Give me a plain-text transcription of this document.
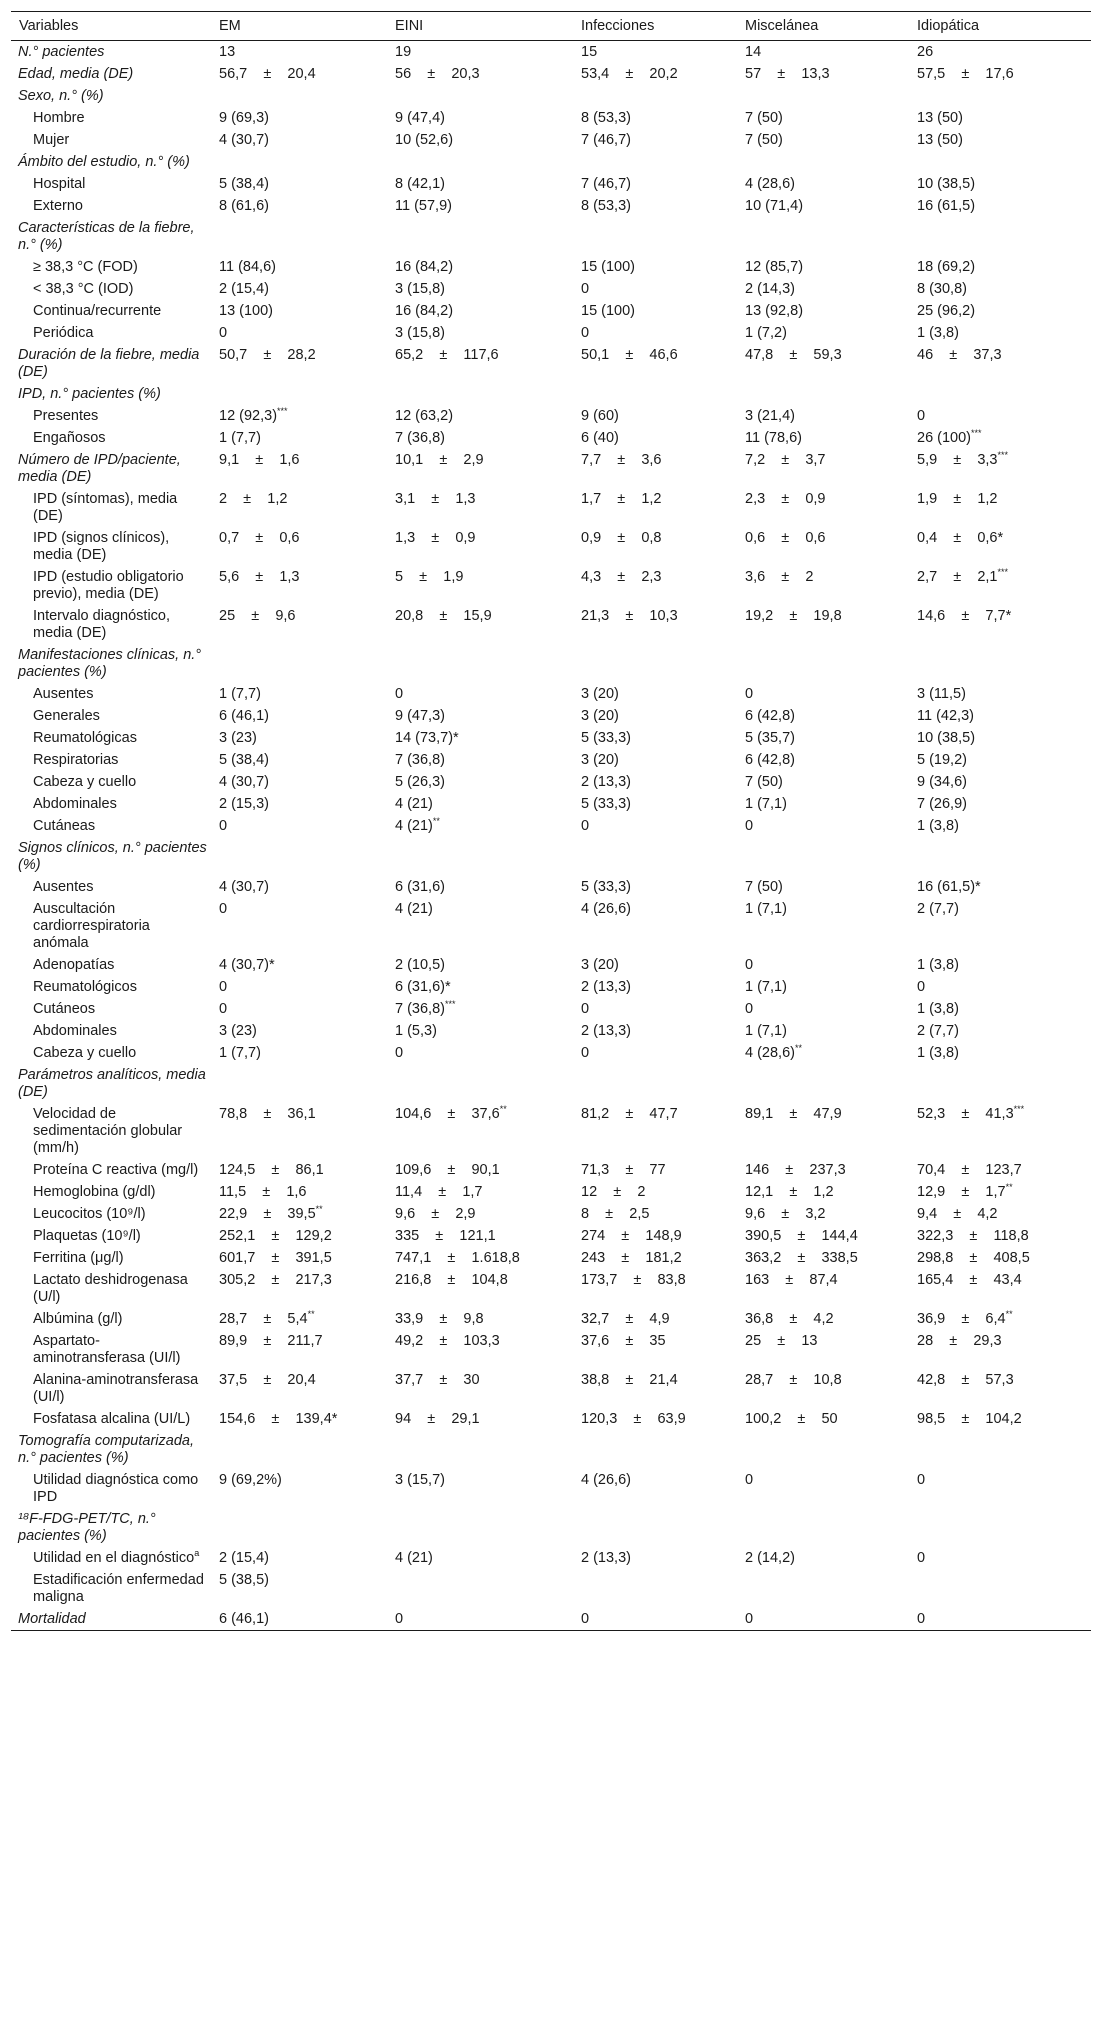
Variables	EM	EINI	Infecciones	Miscelánea	Idiopática
N.° pacientes	13	19	15	14	26
Edad, media (DE)	56,7    ±    20,4	56    ±    20,3	53,4    ±    20,2	57    ±    13,3	57,5    ±    17,6
Sexo, n.° (%)					
Hombre	9 (69,3)	9 (47,4)	8 (53,3)	7 (50)	13 (50)
Mujer	4 (30,7)	10 (52,6)	7 (46,7)	7 (50)	13 (50)
Ámbito del estudio, n.° (%)					
Hospital	5 (38,4)	8 (42,1)	7 (46,7)	4 (28,6)	10 (38,5)
Externo	8 (61,6)	11 (57,9)	8 (53,3)	10 (71,4)	16 (61,5)
Características de la fiebre, n.° (%)					
≥ 38,3 °C (FOD)	11 (84,6)	16 (84,2)	15 (100)	12 (85,7)	18 (69,2)
< 38,3 °C (IOD)	2 (15,4)	3 (15,8)	0	2 (14,3)	8 (30,8)
Continua/recurrente	13 (100)	16 (84,2)	15 (100)	13 (92,8)	25 (96,2)
Periódica	0	3 (15,8)	0	1 (7,2)	1 (3,8)
Duración de la fiebre, media (DE)	50,7    ±    28,2	65,2    ±    117,6	50,1    ±    46,6	47,8    ±    59,3	46    ±    37,3
IPD, n.° pacientes (%)					
Presentes	12 (92,3)***	12 (63,2)	9 (60)	3 (21,4)	0
Engañosos	1 (7,7)	7 (36,8)	6 (40)	11 (78,6)	26 (100)***
Número de IPD/paciente, media (DE)	9,1    ±    1,6	10,1    ±    2,9	7,7    ±    3,6	7,2    ±    3,7	5,9    ±    3,3***
IPD (síntomas), media (DE)	2    ±    1,2	3,1    ±    1,3	1,7    ±    1,2	2,3    ±    0,9	1,9    ±    1,2
IPD (signos clínicos), media (DE)	0,7    ±    0,6	1,3    ±    0,9	0,9    ±    0,8	0,6    ±    0,6	0,4    ±    0,6*
IPD (estudio obligatorio previo), media (DE)	5,6    ±    1,3	5    ±    1,9	4,3    ±    2,3	3,6    ±    2	2,7    ±    2,1***
Intervalo diagnóstico, media (DE)	25    ±    9,6	20,8    ±    15,9	21,3    ±    10,3	19,2    ±    19,8	14,6    ±    7,7*
Manifestaciones clínicas, n.° pacientes (%)					
Ausentes	1 (7,7)	0	3 (20)	0	3 (11,5)
Generales	6 (46,1)	9 (47,3)	3 (20)	6 (42,8)	11 (42,3)
Reumatológicas	3 (23)	14 (73,7)*	5 (33,3)	5 (35,7)	10 (38,5)
Respiratorias	5 (38,4)	7 (36,8)	3 (20)	6 (42,8)	5 (19,2)
Cabeza y cuello	4 (30,7)	5 (26,3)	2 (13,3)	7 (50)	9 (34,6)
Abdominales	2 (15,3)	4 (21)	5 (33,3)	1 (7,1)	7 (26,9)
Cutáneas	0	4 (21)**	0	0	1 (3,8)
Signos clínicos, n.° pacientes (%)					
Ausentes	4 (30,7)	6 (31,6)	5 (33,3)	7 (50)	16 (61,5)*
Auscultación cardiorrespiratoria anómala	0	4 (21)	4 (26,6)	1 (7,1)	2 (7,7)
Adenopatías	4 (30,7)*	2 (10,5)	3 (20)	0	1 (3,8)
Reumatológicos	0	6 (31,6)*	2 (13,3)	1 (7,1)	0
Cutáneos	0	7 (36,8)***	0	0	1 (3,8)
Abdominales	3 (23)	1 (5,3)	2 (13,3)	1 (7,1)	2 (7,7)
Cabeza y cuello	1 (7,7)	0	0	4 (28,6)**	1 (3,8)
Parámetros analíticos, media (DE)					
Velocidad de sedimentación globular (mm/h)	78,8    ±    36,1	104,6    ±    37,6**	81,2    ±    47,7	89,1    ±    47,9	52,3    ±    41,3***
Proteína C reactiva (mg/l)	124,5    ±    86,1	109,6    ±    90,1	71,3    ±    77	146    ±    237,3	70,4    ±    123,7
Hemoglobina (g/dl)	11,5    ±    1,6	11,4    ±    1,7	12    ±    2	12,1    ±    1,2	12,9    ±    1,7**
Leucocitos (10⁹/l)	22,9    ±    39,5**	9,6    ±    2,9	8    ±    2,5	9,6    ±    3,2	9,4    ±    4,2
Plaquetas (10⁹/l)	252,1    ±    129,2	335    ±    121,1	274    ±    148,9	390,5    ±    144,4	322,3    ±    118,8
Ferritina (μg/l)	601,7    ±    391,5	747,1    ±    1.618,8	243    ±    181,2	363,2    ±    338,5	298,8    ±    408,5
Lactato deshidrogenasa (U/l)	305,2    ±    217,3	216,8    ±    104,8	173,7    ±    83,8	163    ±    87,4	165,4    ±    43,4
Albúmina (g/l)	28,7    ±    5,4**	33,9    ±    9,8	32,7    ±    4,9	36,8    ±    4,2	36,9    ±    6,4**
Aspartato-aminotransferasa (UI/l)	89,9    ±    211,7	49,2    ±    103,3	37,6    ±    35	25    ±    13	28    ±    29,3
Alanina-aminotransferasa (UI/l)	37,5    ±    20,4	37,7    ±    30	38,8    ±    21,4	28,7    ±    10,8	42,8    ±    57,3
Fosfatasa alcalina (UI/L)	154,6    ±    139,4*	94    ±    29,1	120,3    ±    63,9	100,2    ±    50	98,5    ±    104,2
Tomografía computarizada, n.° pacientes (%)					
Utilidad diagnóstica como IPD	9 (69,2%)	3 (15,7)	4 (26,6)	0	0
¹⁸F-FDG-PET/TC, n.° pacientes (%)					
Utilidad en el diagnóstico$^a$	2 (15,4)	4 (21)	2 (13,3)	2 (14,2)	0
Estadificación enfermedad maligna	5 (38,5)				
Mortalidad	6 (46,1)	0	0	0	0
